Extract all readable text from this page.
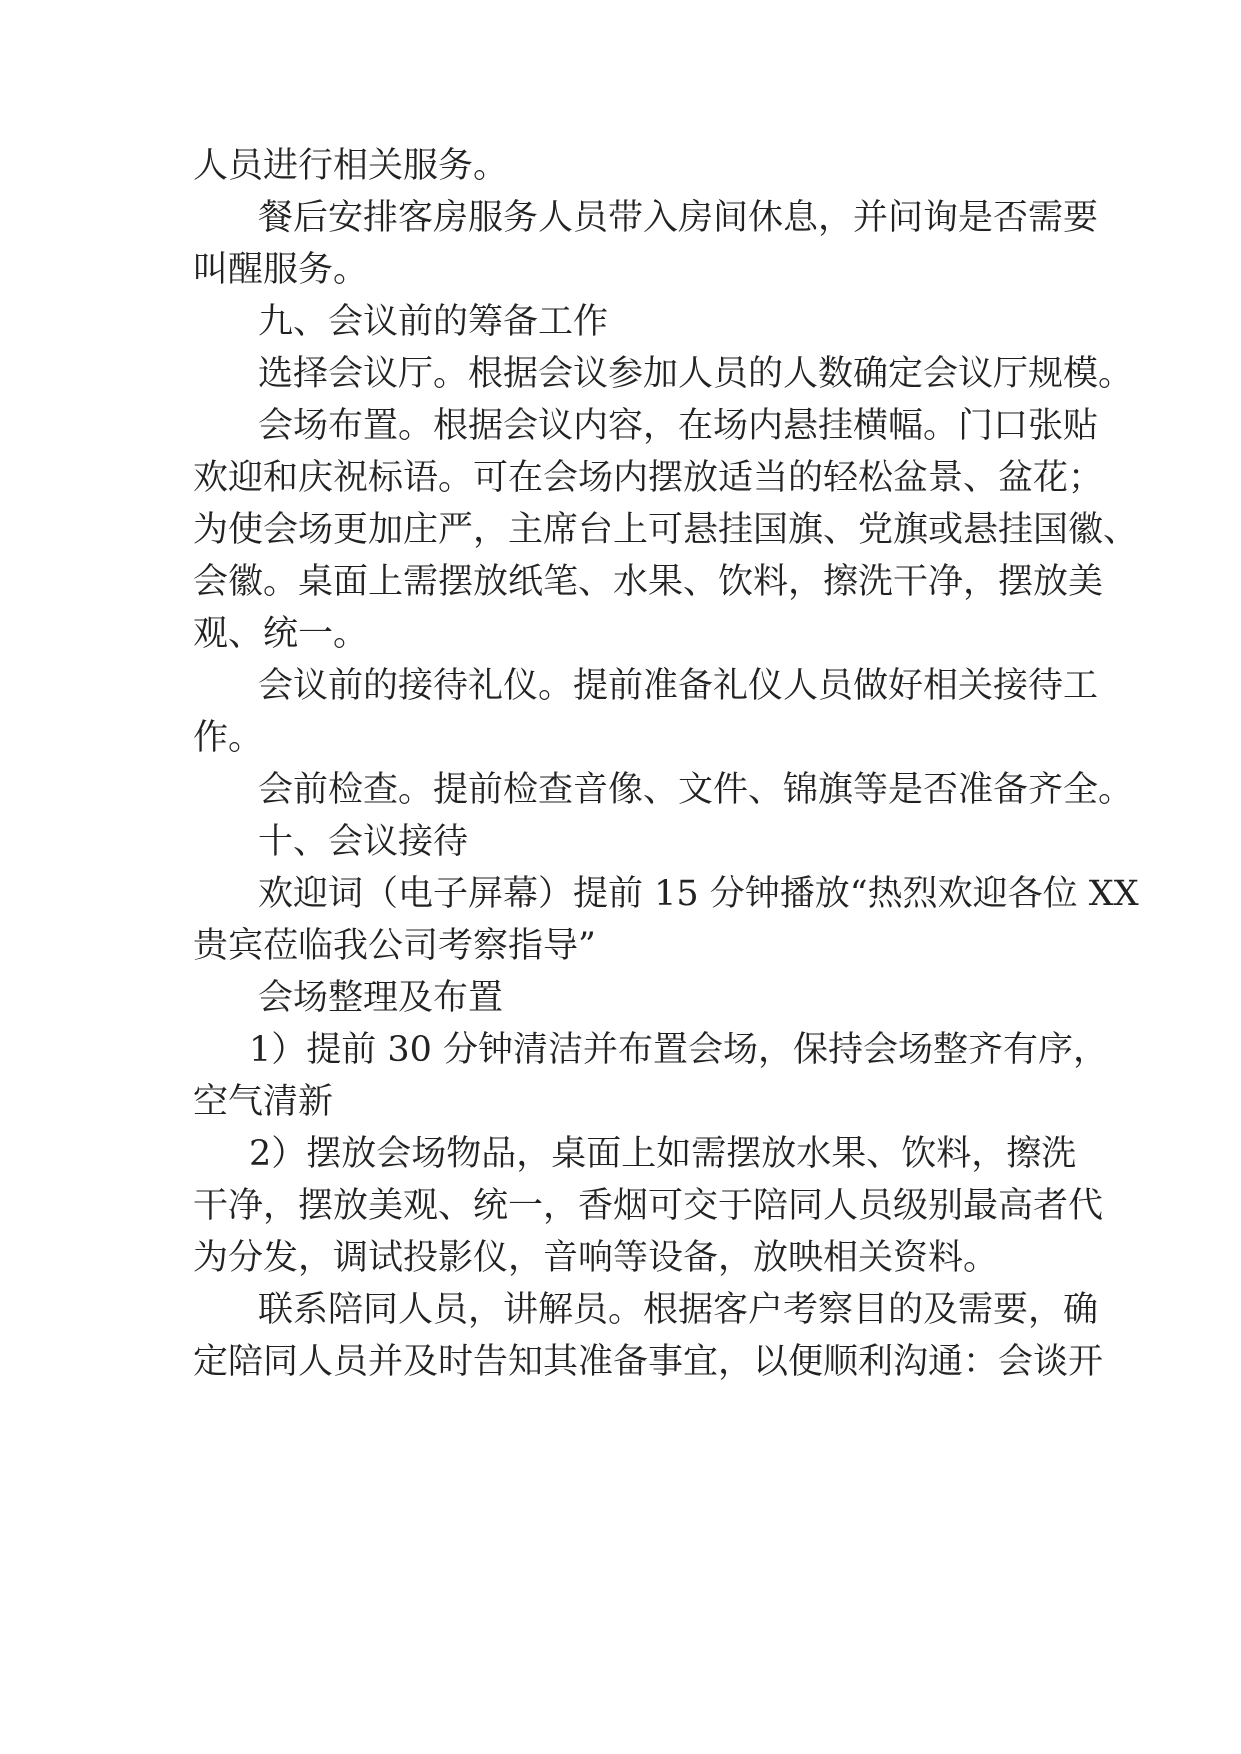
人员进行相关服务。

餐后安排客房服务人员带入房间休息，并问询是否需要

叫醒服务。

九、会议前的筹备工作

选择会议厅。根据会议参加人员的人数确定会议厅规模。

会场布置。根据会议内容，在场内悬挂横幅。门口张贴

欢迎和庆祝标语。可在会场内摆放适当的轻松盆景、盆花；

为使会场更加庄严，主席台上可悬挂国旗、党旗或悬挂国徽、

会徽。桌面上需摆放纸笔、水果、饮料，擦洗干净，摆放美

观、统一。

会议前的接待礼仪。提前准备礼仪人员做好相关接待工

作。

会前检查。提前检查音像、文件、锦旗等是否准备齐全。

十、会议接待

欢迎词（电子屏幕）提前 15 分钟播放“热烈欢迎各位 XX

贵宾莅临我公司考察指导”

会场整理及布置

1）提前 30 分钟清洁并布置会场，保持会场整齐有序，

空气清新

2）摆放会场物品，桌面上如需摆放水果、饮料，擦洗

干净，摆放美观、统一，香烟可交于陪同人员级别最高者代

为分发，调试投影仪，音响等设备，放映相关资料。

联系陪同人员，讲解员。根据客户考察目的及需要，确

定陪同人员并及时告知其准备事宜，以便顺利沟通：会谈开
